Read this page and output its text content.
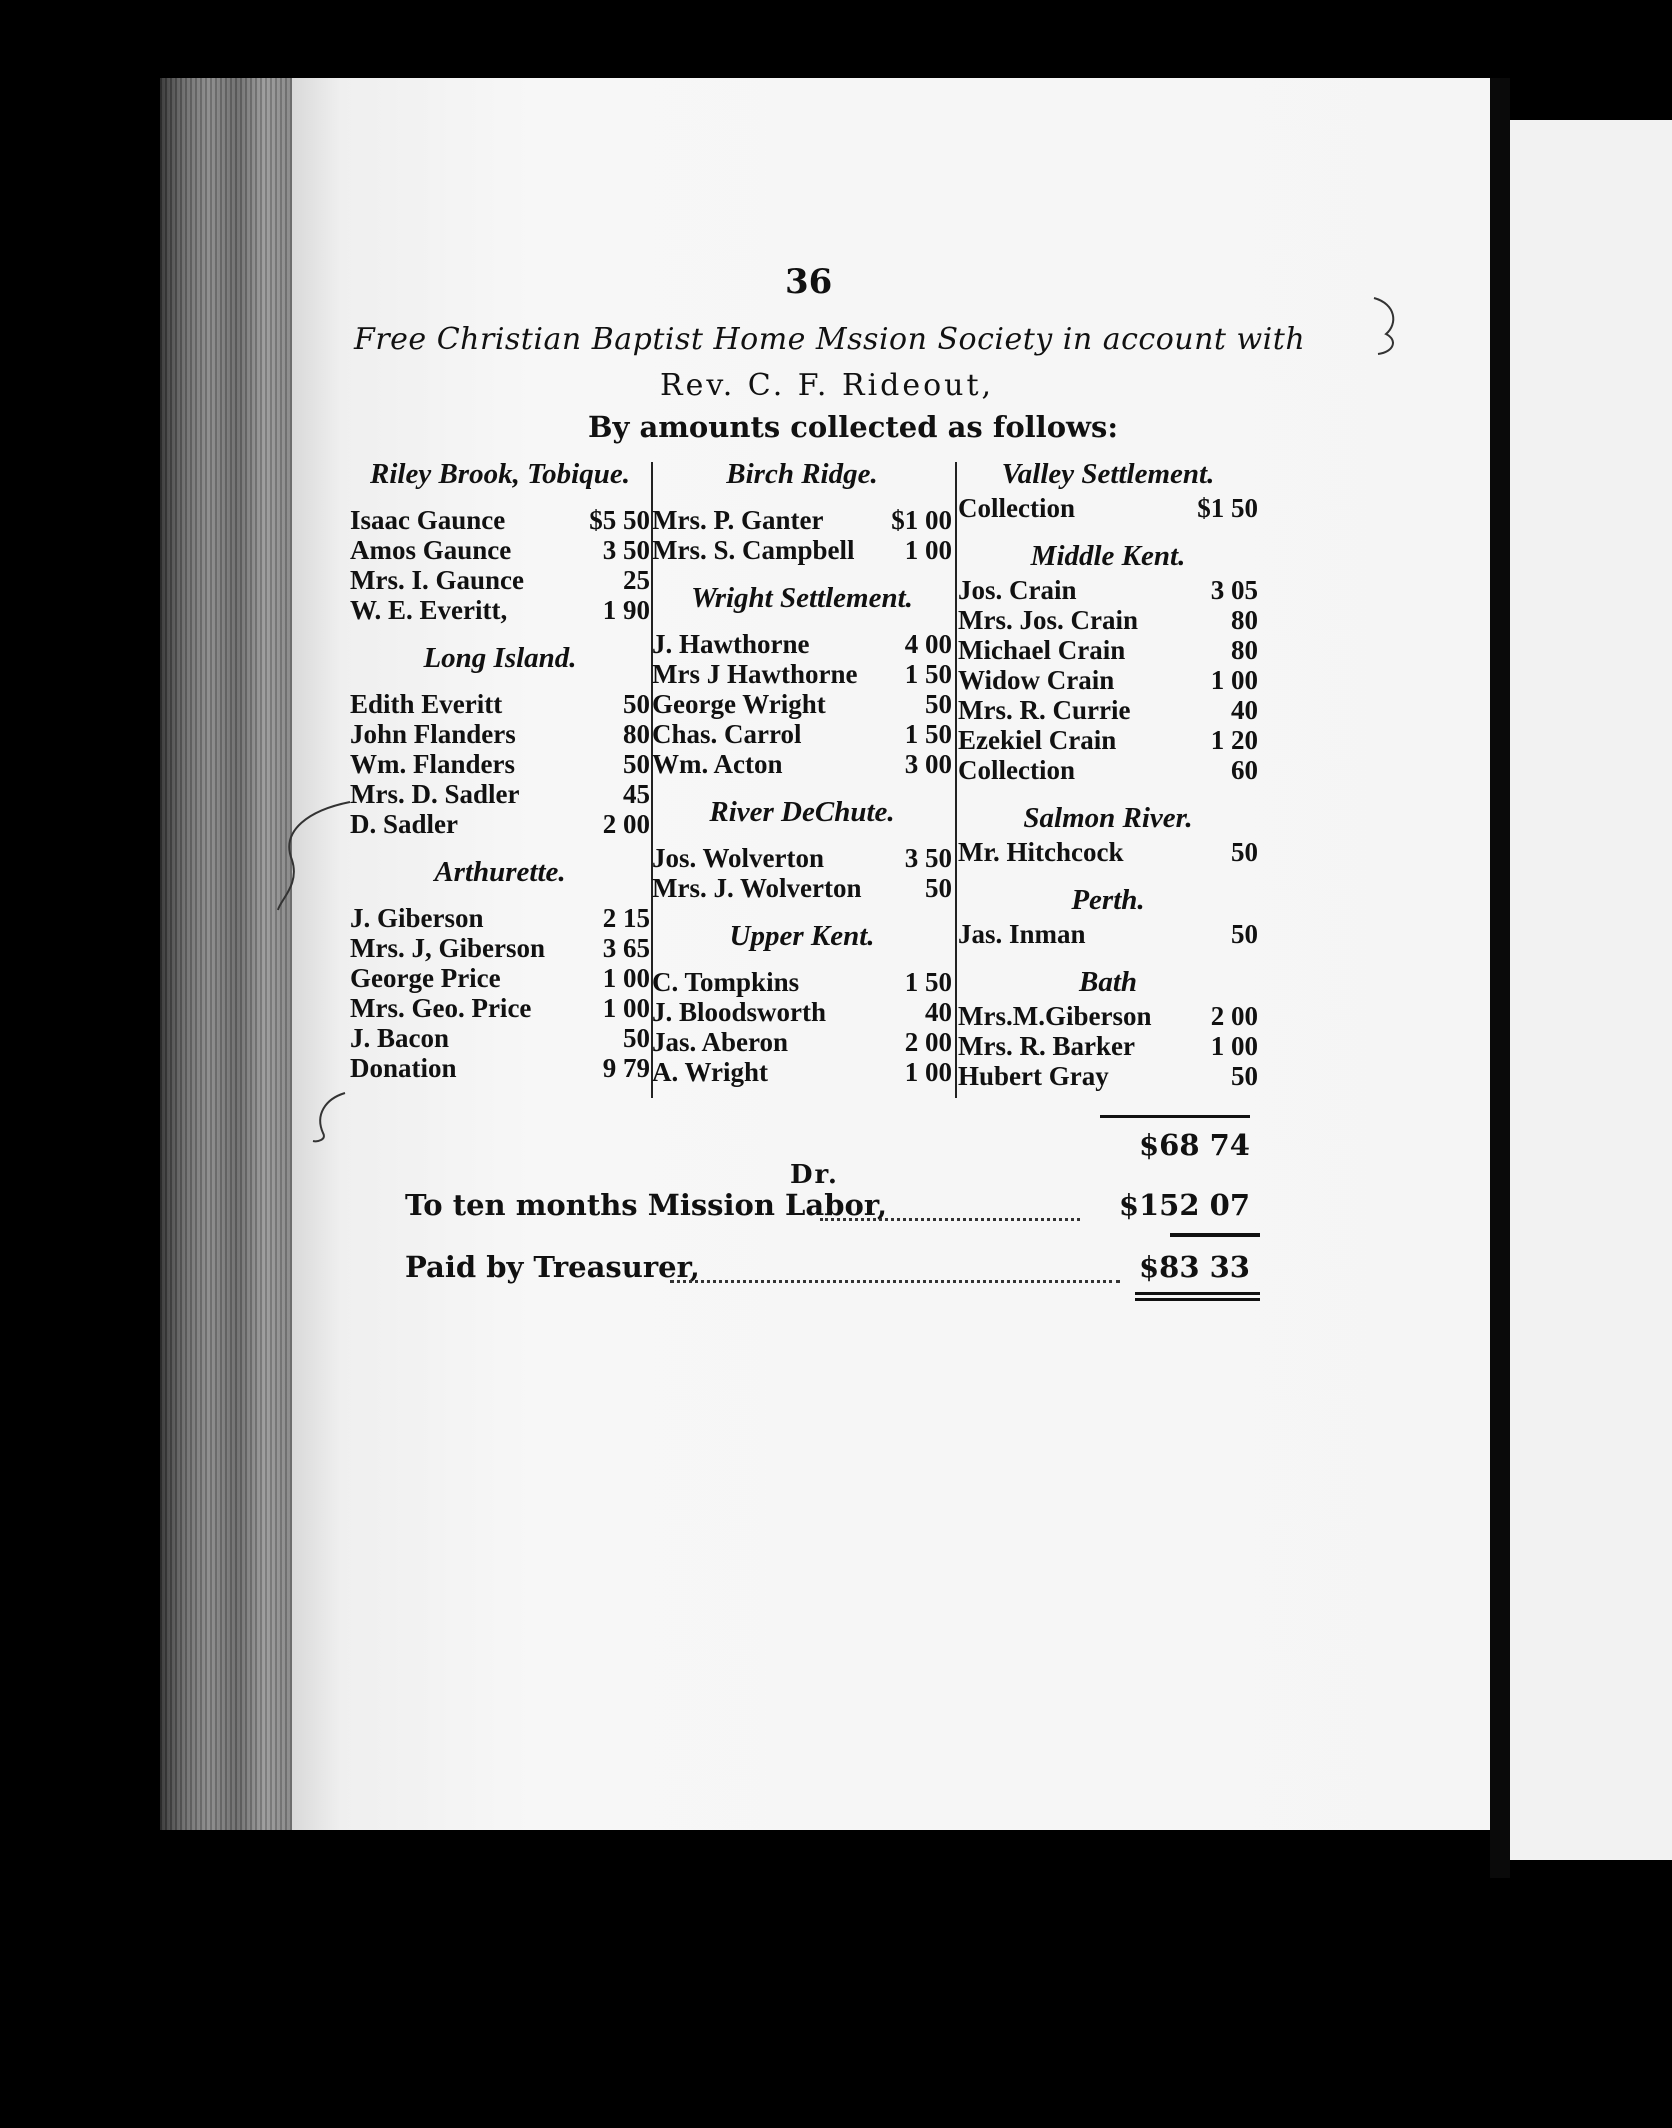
36
Free Christian Baptist Home Mssion Society in account with
Rev. C. F. Rideout,
By amounts collected as follows:
Riley Brook, Tobique.
Isaac Gaunce	$5 50
Amos Gaunce	3 50
Mrs. I. Gaunce	25
W. E. Everitt,	1 90
Long Island.
Edith Everitt	50
John Flanders	80
Wm. Flanders	50
Mrs. D. Sadler	45
D. Sadler	2 00
Arthurette.
J. Giberson	2 15
Mrs. J, Giberson 3 65
George Price	1 00
Mrs. Geo. Price	1 00
J. Bacon	50
Donation	9 79
Birch Ridge.
Mrs. P. Ganter	$1 00
Mrs. S. Campbell 1 00
Wright Settlement.
J. Hawthorne	4 00
Mrs J Hawthorne 1 50
George Wright	50
Chas. Carrol	1 50
Wm. Acton	3 00
River DeChute.
Jos. Wolverton	3 50
Mrs. J. Wolverton 50
Upper Kent.
C. Tompkins	1 50
J. Bloodsworth	40
Jas. Aberon	2 00
A. Wright	1 00
Valley Settlement.
Collection	$1 50
Middle Kent.
Jos. Crain	3 05
Mrs. Jos. Crain	80
Michael Crain	80
Widow Crain	1 00
Mrs. R. Currie	40
Ezekiel Crain	1 20
Collection	60
Salmon River.
Mr. Hitchcock	50
Perth.
Jas. Inman	50
Bath
Mrs.M.Giberson 2 00
Mrs. R. Barker	1 00
Hubert Gray	50
$68 74
Dr.
To ten months Mission Labor,	$152 07
Paid by Treasurer,	$83 33
